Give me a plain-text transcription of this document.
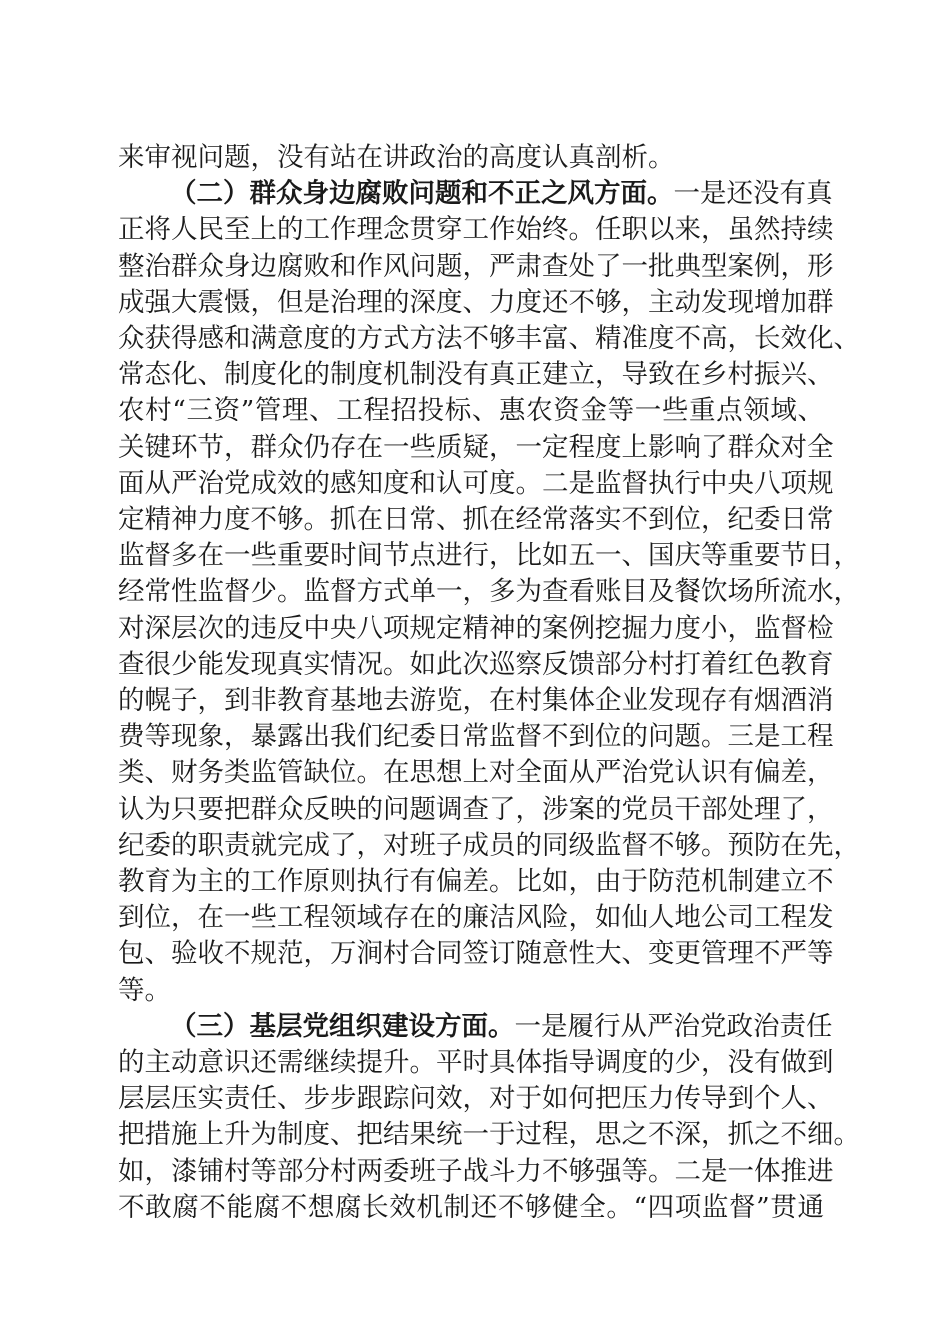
来审视问题，没有站在讲政治的高度认真剖析。
（二）群众身边腐败问题和不正之风方面。一是还没有真
正将人民至上的工作理念贯穿工作始终。任职以来，虽然持续
整治群众身边腐败和作风问题，严肃查处了一批典型案例，形
成强大震慑，但是治理的深度、力度还不够，主动发现增加群
众获得感和满意度的方式方法不够丰富、精准度不高，长效化、
常态化、制度化的制度机制没有真正建立，导致在乡村振兴、
农村“三资”管理、工程招投标、惠农资金等一些重点领域、
关键环节，群众仍存在一些质疑，一定程度上影响了群众对全
面从严治党成效的感知度和认可度。二是监督执行中央八项规
定精神力度不够。抓在日常、抓在经常落实不到位，纪委日常
监督多在一些重要时间节点进行，比如五一、国庆等重要节日，
经常性监督少。监督方式单一，多为查看账目及餐饮场所流水，
对深层次的违反中央八项规定精神的案例挖掘力度小，监督检
查很少能发现真实情况。如此次巡察反馈部分村打着红色教育
的幌子，到非教育基地去游览，在村集体企业发现存有烟酒消
费等现象，暴露出我们纪委日常监督不到位的问题。三是工程
类、财务类监管缺位。在思想上对全面从严治党认识有偏差，
认为只要把群众反映的问题调查了，涉案的党员干部处理了，
纪委的职责就完成了，对班子成员的同级监督不够。预防在先，
教育为主的工作原则执行有偏差。比如，由于防范机制建立不
到位，在一些工程领域存在的廉洁风险，如仙人地公司工程发
包、验收不规范，万涧村合同签订随意性大、变更管理不严等
等。
（三）基层党组织建设方面。一是履行从严治党政治责任
的主动意识还需继续提升。平时具体指导调度的少，没有做到
层层压实责任、步步跟踪问效，对于如何把压力传导到个人、
把措施上升为制度、把结果统一于过程，思之不深，抓之不细。
如，漆铺村等部分村两委班子战斗力不够强等。二是一体推进
不敢腐不能腐不想腐长效机制还不够健全。“四项监督”贯通
